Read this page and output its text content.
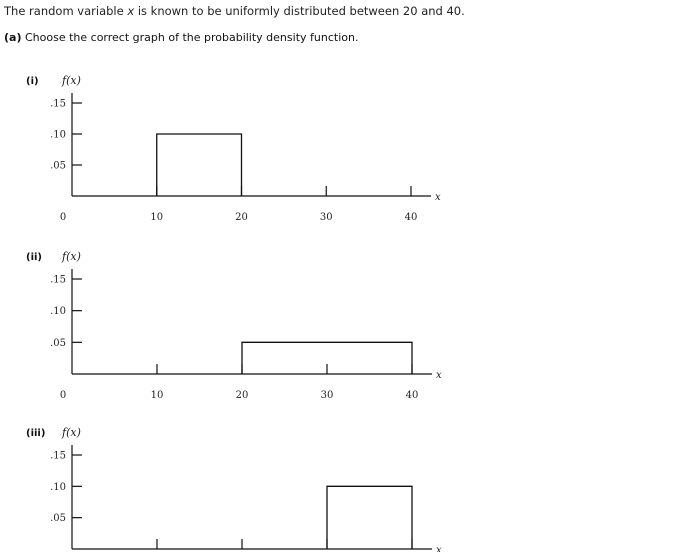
The random variable x is known to be uniformly distributed between 20 and 40.
(a) Choose the correct graph of the probability density function.
(i) f(x)
x
.05
.10
.15
0	10	20	30	40
(ii) f(x)
x
.05
.10
.15
0	10	20	30	40
(iii) f(x)
x
.05
.10
.15
